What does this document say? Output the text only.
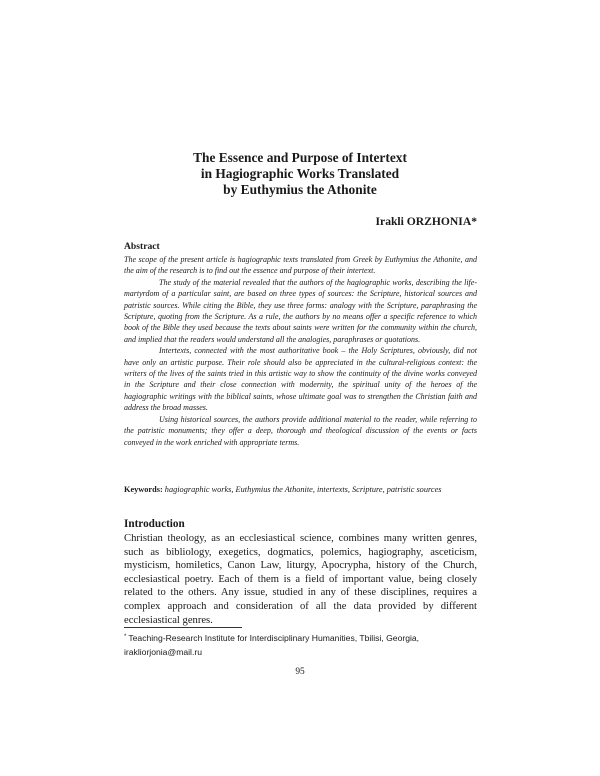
The Essence and Purpose of Intertext
in Hagiographic Works Translated
by Euthymius the Athonite
Irakli ORZHONIA*
Abstract

The scope of the present article is hagiographic texts translated from Greek by Euthymius the Athonite, and the aim of the research is to find out the essence and purpose of their intertext.

The study of the material revealed that the authors of the hagiographic works, describing the life-martyrdom of a particular saint, are based on three types of sources: the Scripture, historical sources and patristic sources. While citing the Bible, they use three forms: analogy with the Scripture, paraphrasing the Scripture, quoting from the Scripture. As a rule, the authors by no means offer a specific reference to which book of the Bible they used because the texts about saints were written for the community within the church, and implied that the readers would understand all the analogies, paraphrases or quotations.

Intertexts, connected with the most authoritative book – the Holy Scriptures, obviously, did not have only an artistic purpose. Their role should also be appreciated in the cultural-religious context: the writers of the lives of the saints tried in this artistic way to show the continuity of the divine works conveyed in the Scripture and their close connection with modernity, the spiritual unity of the heroes of the hagiographic writings with the biblical saints, whose ultimate goal was to strengthen the Christian faith and address the broad masses.

Using historical sources, the authors provide additional material to the reader, while referring to the patristic monuments; they offer a deep, thorough and theological discussion of the events or facts conveyed in the work enriched with appropriate terms.

Keywords: hagiographic works, Euthymius the Athonite, intertexts, Scripture, patristic sources
Introduction

Christian theology, as an ecclesiastical science, combines many written genres, such as bibliology, exegetics, dogmatics, polemics, hagiography, asceticism, mysticism, homiletics, Canon Law, liturgy, Apocrypha, history of the Church, ecclesiastical poetry. Each of them is a field of important value, being closely related to the others. Any issue, studied in any of these disciplines, requires a complex approach and consideration of all the data provided by different ecclesiastical genres.

* Teaching-Research Institute for Interdisciplinary Humanities, Tbilisi, Georgia,
irakliorjonia@mail.ru
95
